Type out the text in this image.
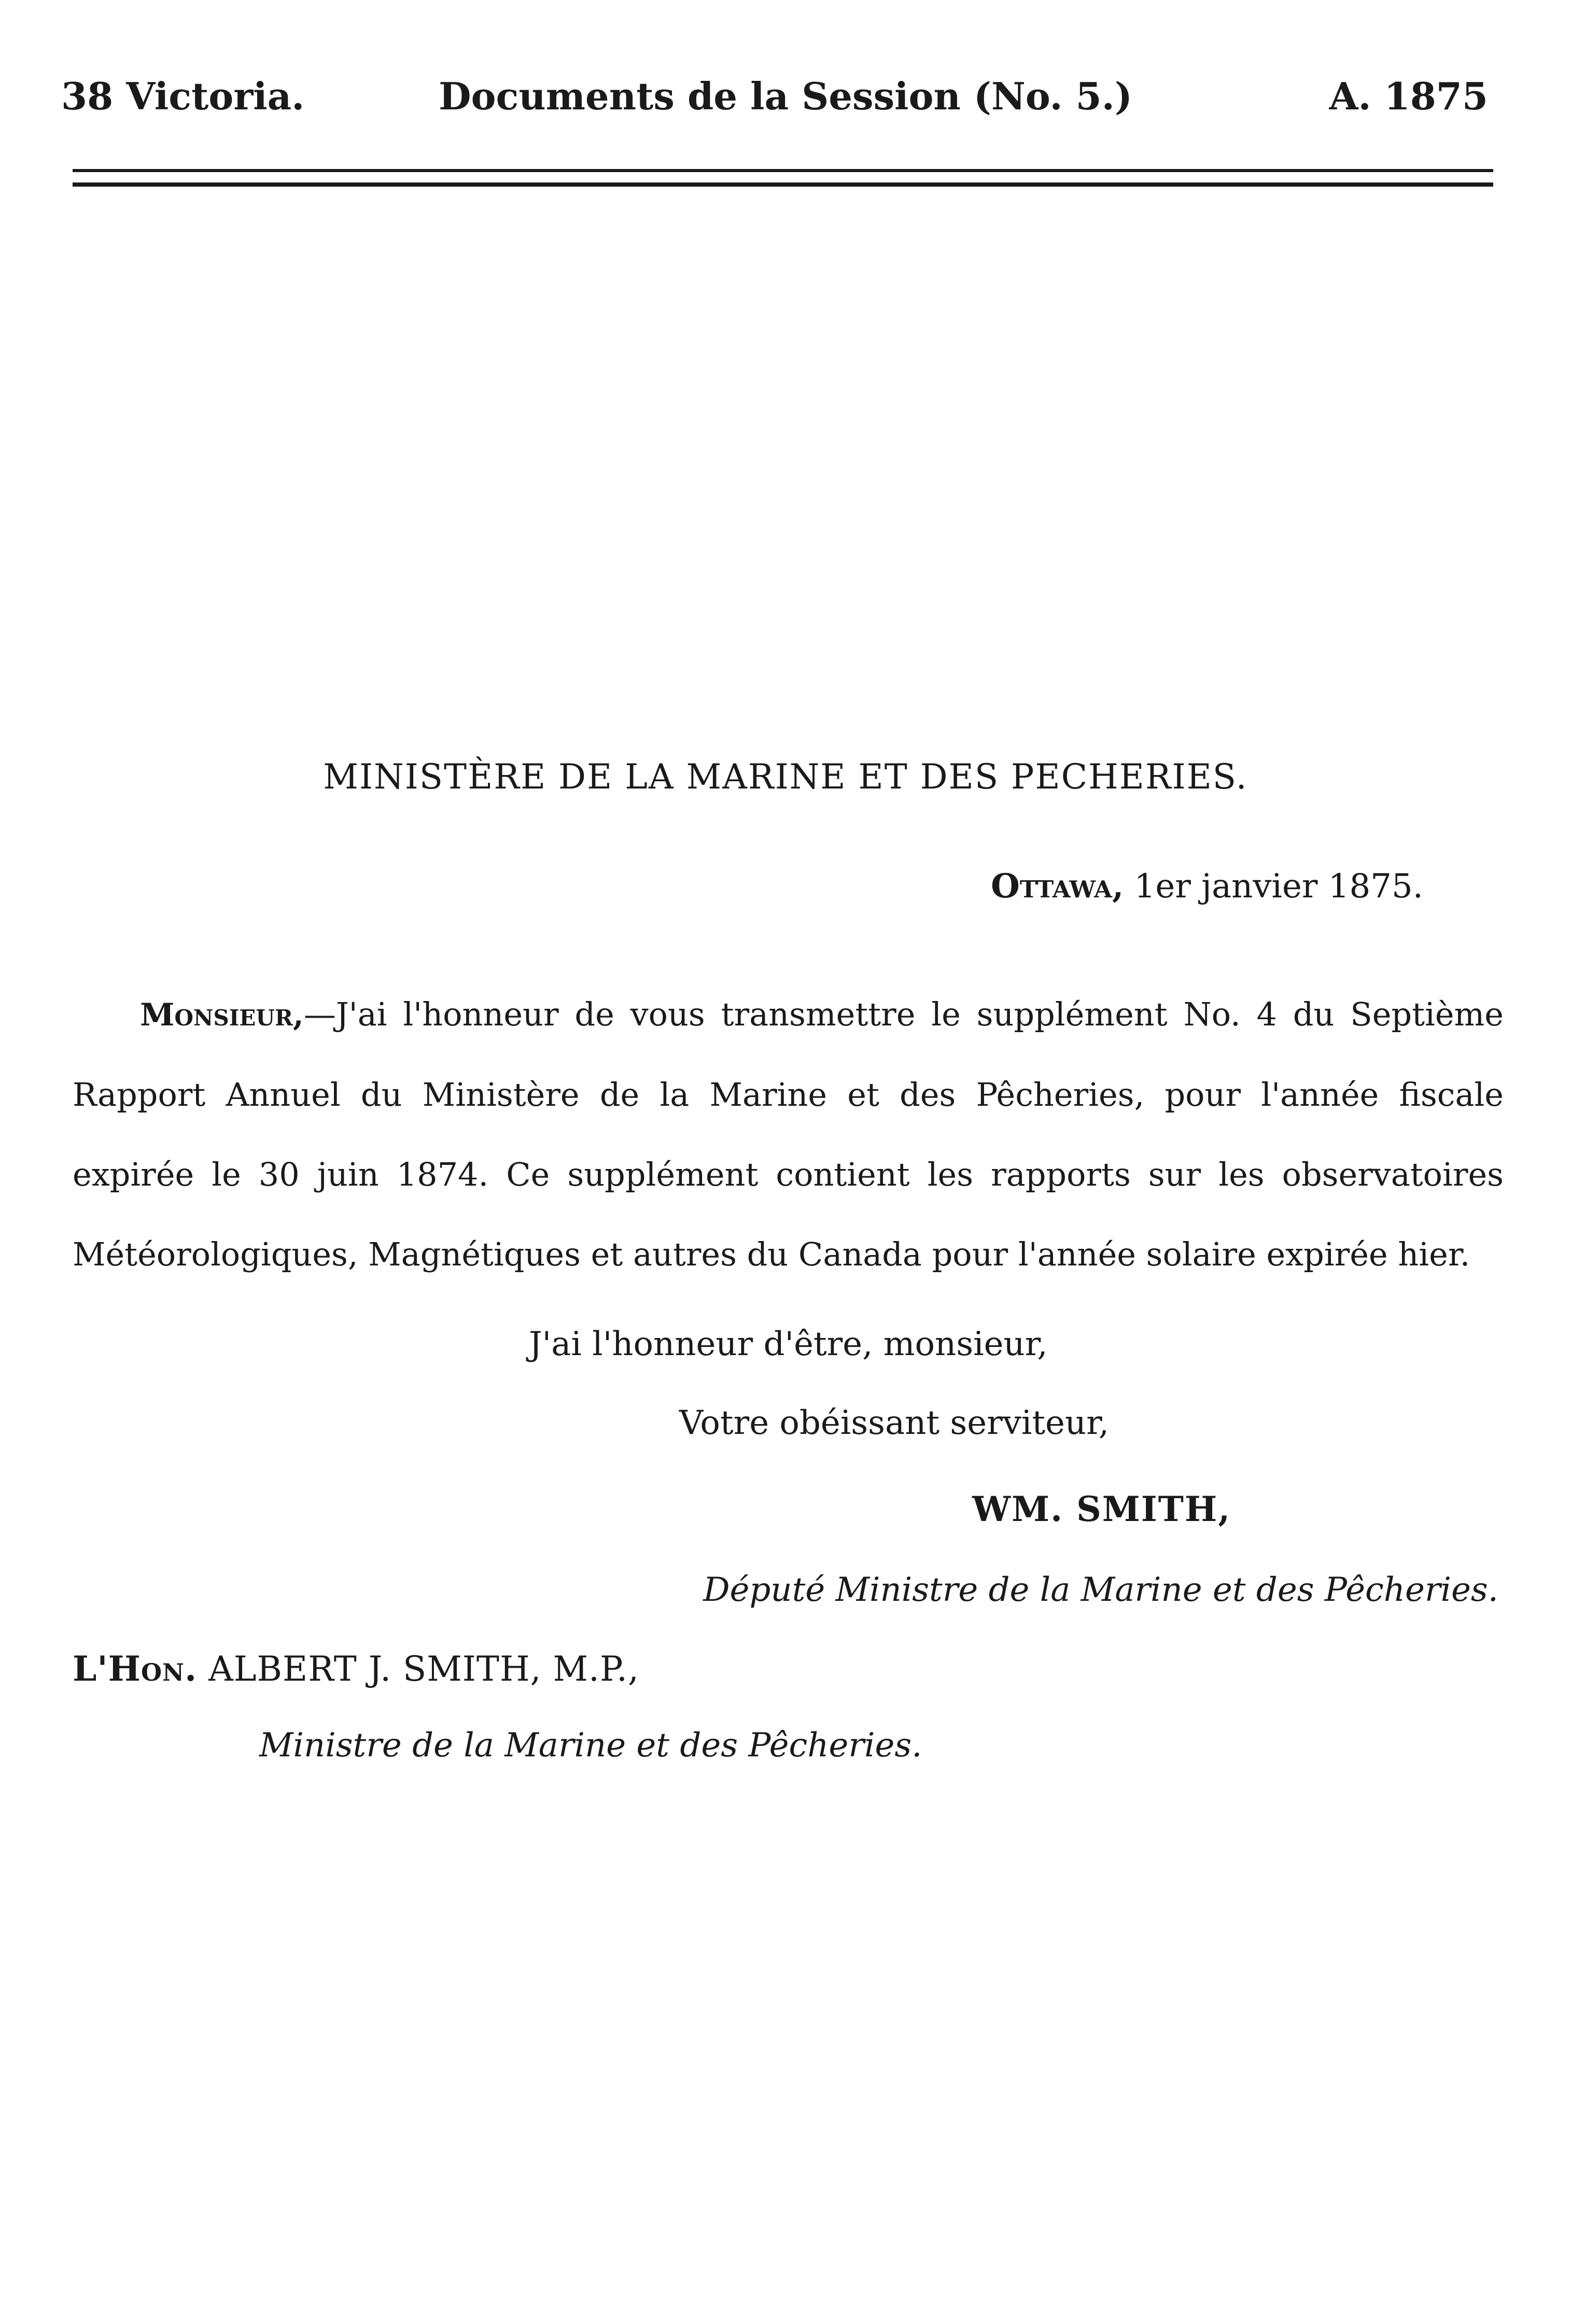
38 Victoria.	Documents de la Session (No. 5.)	A. 1875
MINISTÈRE DE LA MARINE ET DES PECHERIES.
Ottawa, 1er janvier 1875.
Monsieur,—J'ai l'honneur de vous transmettre le supplément No. 4 du Septième Rapport Annuel du Ministère de la Marine et des Pêcheries, pour l'année fiscale expirée le 30 juin 1874. Ce supplément contient les rapports sur les observatoires Météorologiques, Magnétiques et autres du Canada pour l'année solaire expirée hier.
J'ai l'honneur d'être, monsieur,
Votre obéissant serviteur,
WM. SMITH,
Député Ministre de la Marine et des Pêcheries.
L'Hon. ALBERT J. SMITH, M.P.,
Ministre de la Marine et des Pêcheries.
